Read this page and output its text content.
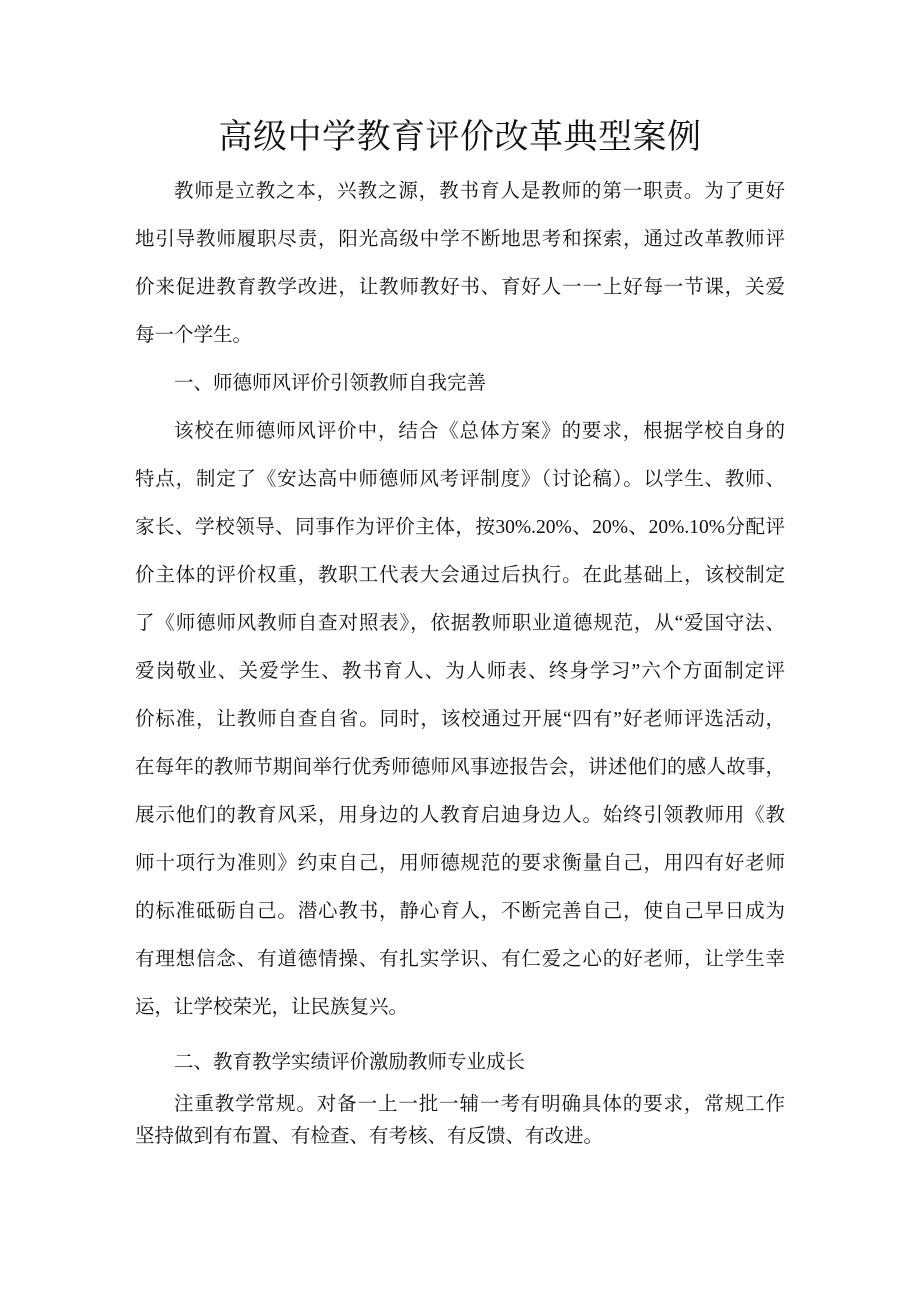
高级中学教育评价改革典型案例
教师是立教之本，兴教之源，教书育人是教师的第一职责。为了更好
地引导教师履职尽责，阳光高级中学不断地思考和探索，通过改革教师评
价来促进教育教学改进，让教师教好书、育好人一一上好每一节课，关爱
每一个学生。
一、师德师风评价引领教师自我完善
该校在师德师风评价中，结合《总体方案》的要求，根据学校自身的
特点，制定了《安达高中师德师风考评制度》（讨论稿）。以学生、教师、
家长、学校领导、同事作为评价主体，按30%.20%、20%、20%.10%分配评
价主体的评价权重，教职工代表大会通过后执行。在此基础上，该校制定
了《师德师风教师自查对照表》，依据教师职业道德规范，从“爱国守法、
爱岗敬业、关爱学生、教书育人、为人师表、终身学习”六个方面制定评
价标准，让教师自查自省。同时，该校通过开展“四有”好老师评选活动，
在每年的教师节期间举行优秀师德师风事迹报告会，讲述他们的感人故事，
展示他们的教育风采，用身边的人教育启迪身边人。始终引领教师用《教
师十项行为准则》约束自己，用师德规范的要求衡量自己，用四有好老师
的标准砥砺自己。潜心教书，静心育人，不断完善自己，使自己早日成为
有理想信念、有道德情操、有扎实学识、有仁爱之心的好老师，让学生幸
运，让学校荣光，让民族复兴。
二、教育教学实绩评价激励教师专业成长
注重教学常规。对备一上一批一辅一考有明确具体的要求，常规工作
坚持做到有布置、有检查、有考核、有反馈、有改进。
